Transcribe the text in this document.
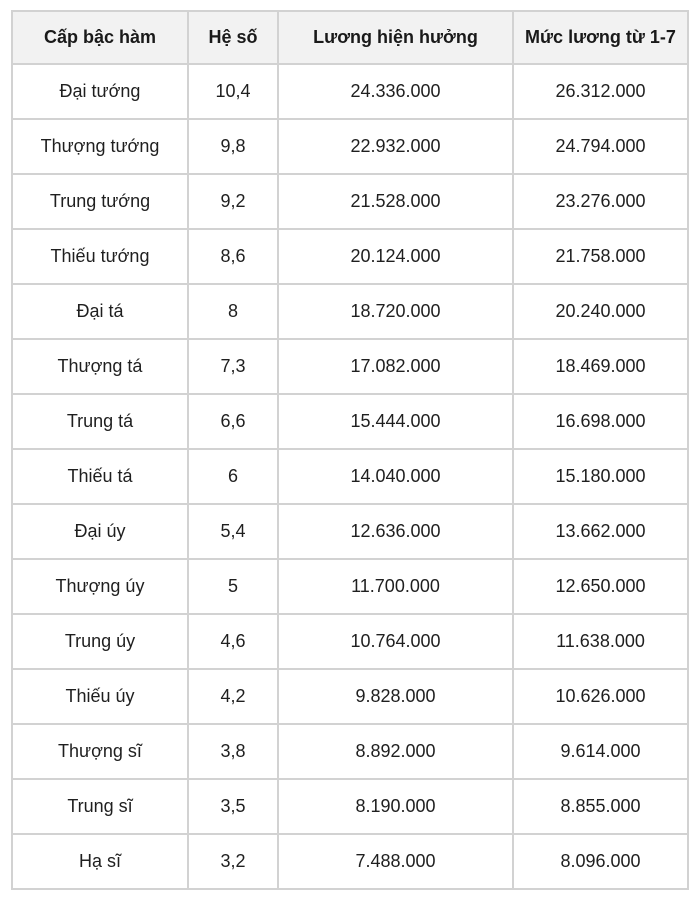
Cấp bậc hàm	Hệ số	Lương hiện hưởng	Mức lương từ 1-7
Đại tướng	10,4	24.336.000	26.312.000
Thượng tướng	9,8	22.932.000	24.794.000
Trung tướng	9,2	21.528.000	23.276.000
Thiếu tướng	8,6	20.124.000	21.758.000
Đại tá	8	18.720.000	20.240.000
Thượng tá	7,3	17.082.000	18.469.000
Trung tá	6,6	15.444.000	16.698.000
Thiếu tá	6	14.040.000	15.180.000
Đại úy	5,4	12.636.000	13.662.000
Thượng úy	5	11.700.000	12.650.000
Trung úy	4,6	10.764.000	11.638.000
Thiếu úy	4,2	9.828.000	10.626.000
Thượng sĩ	3,8	8.892.000	9.614.000
Trung sĩ	3,5	8.190.000	8.855.000
Hạ sĩ	3,2	7.488.000	8.096.000
